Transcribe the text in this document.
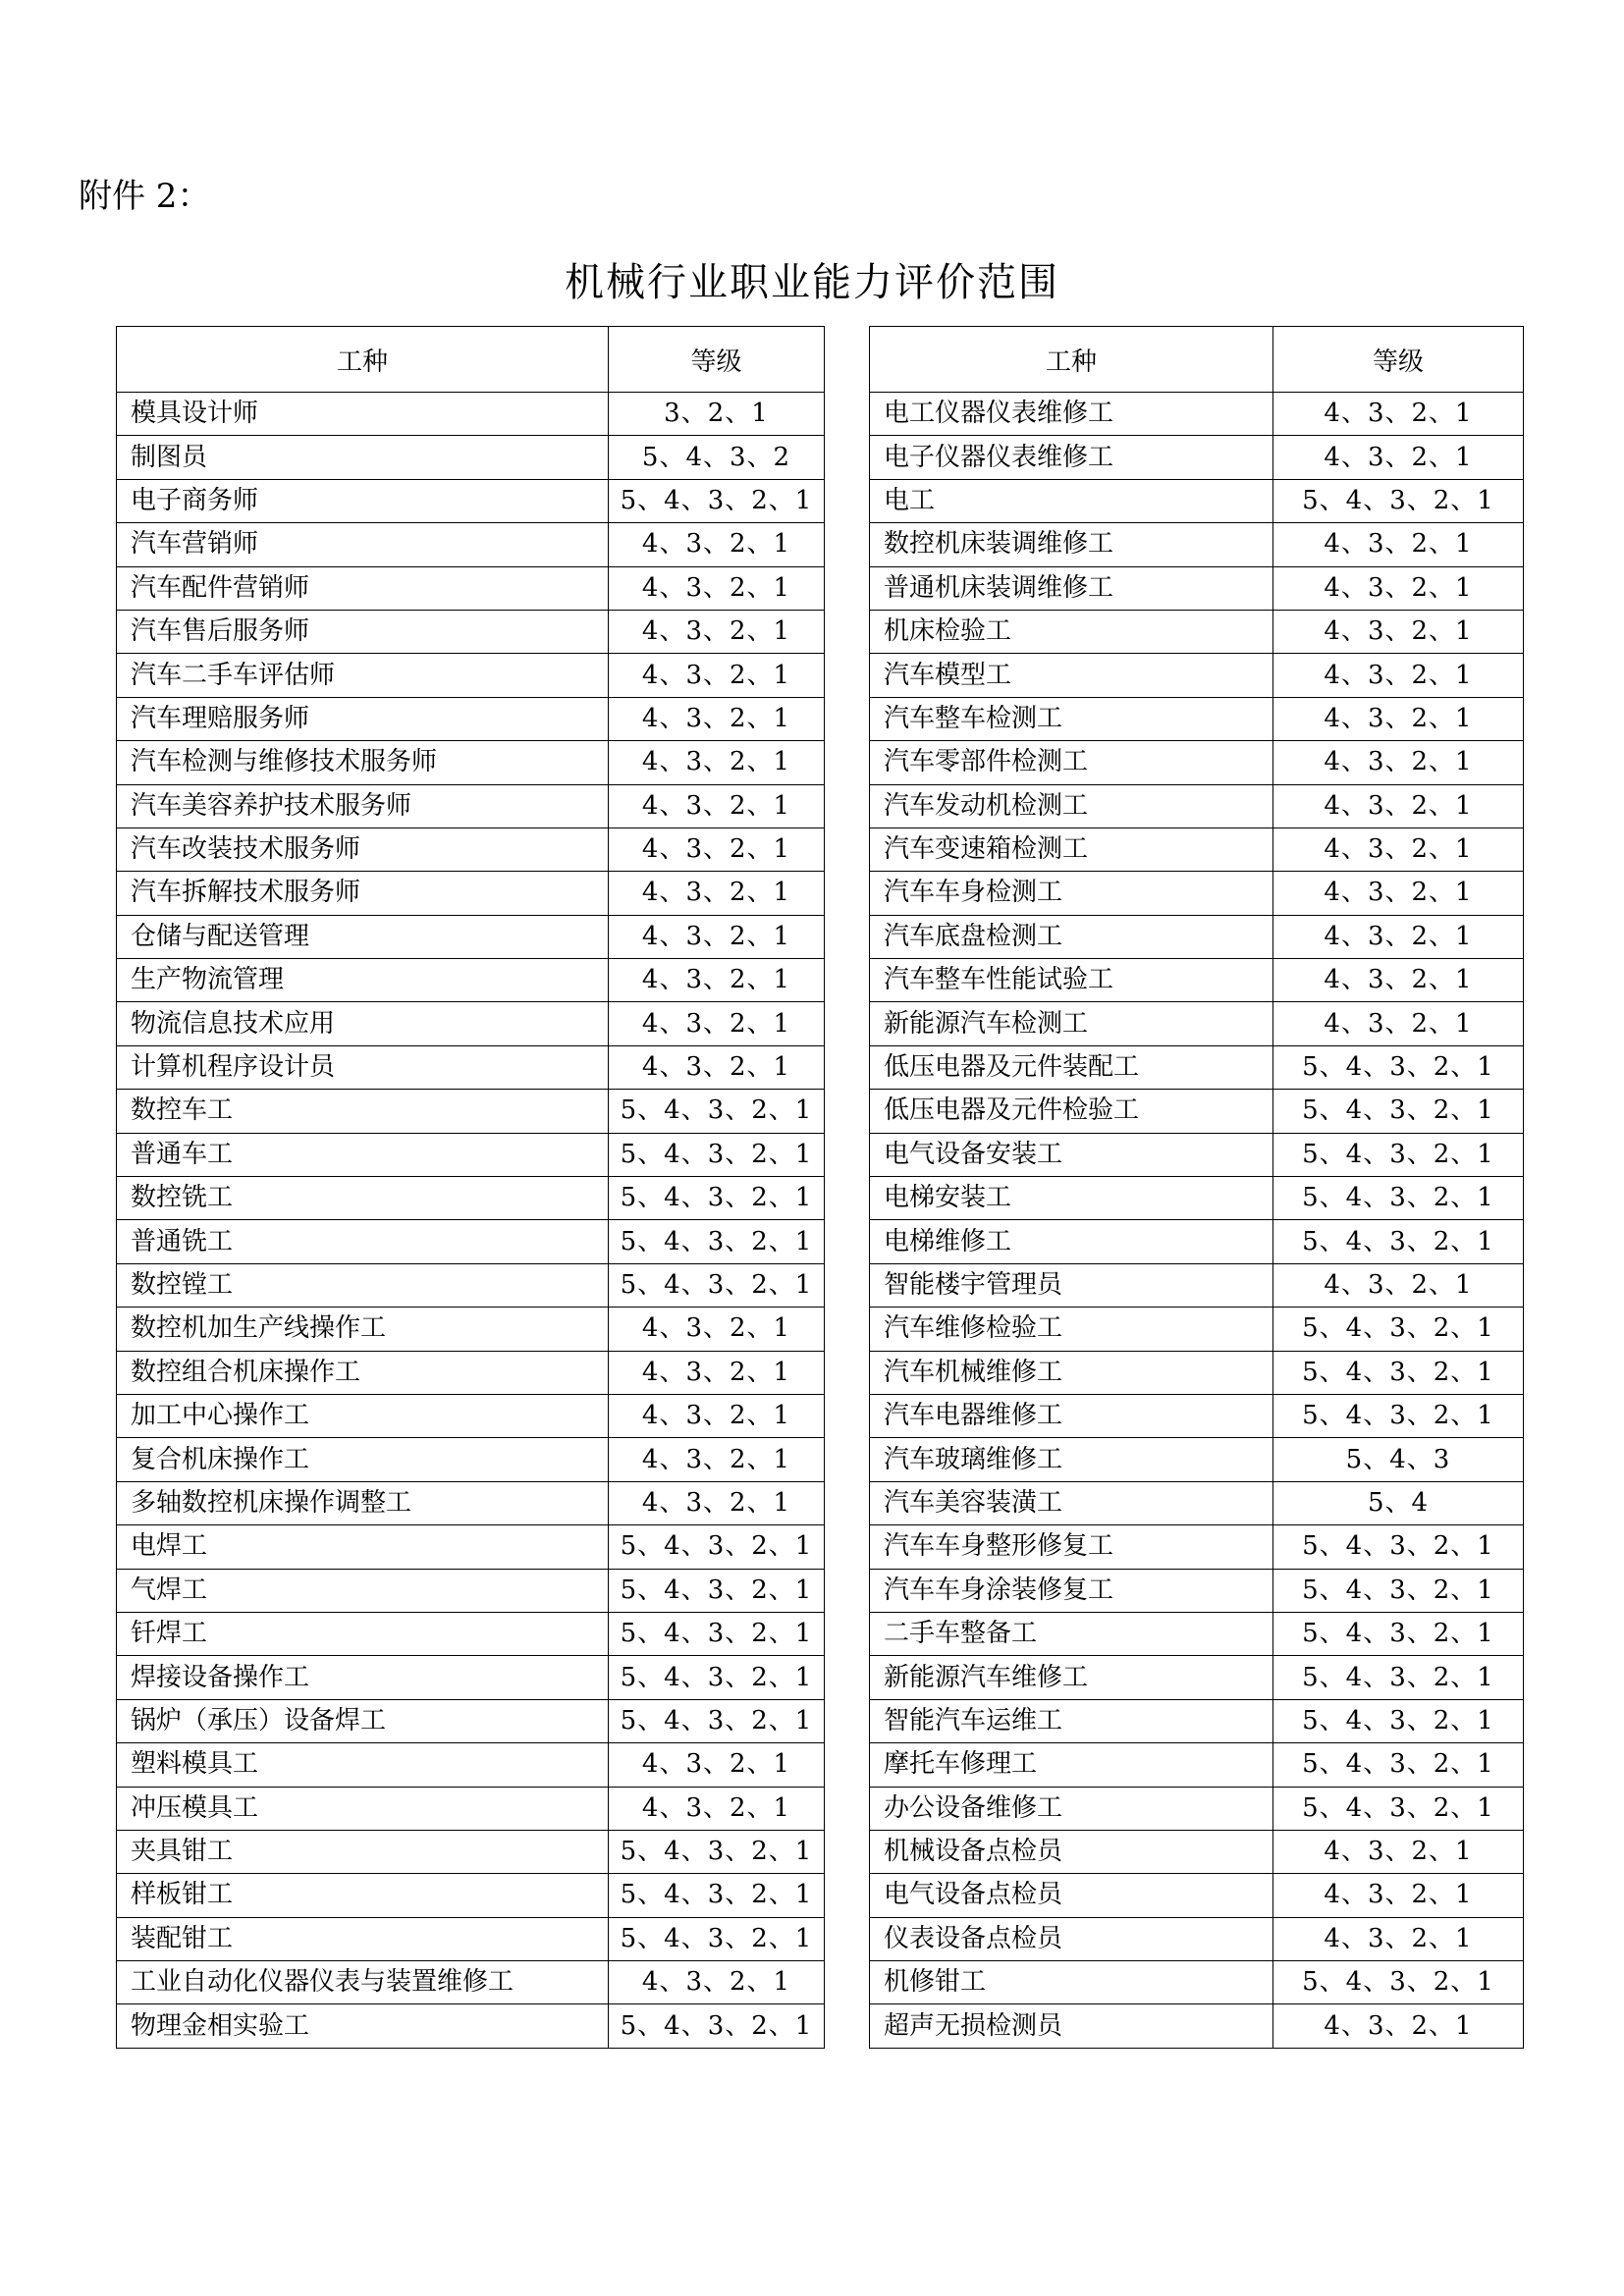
附件 2：
机械行业职业能力评价范围
工种	等级
模具设计师	3、2、1
制图员	5、4、3、2
电子商务师	5、4、3、2、1
汽车营销师	4、3、2、1
汽车配件营销师	4、3、2、1
汽车售后服务师	4、3、2、1
汽车二手车评估师	4、3、2、1
汽车理赔服务师	4、3、2、1
汽车检测与维修技术服务师	4、3、2、1
汽车美容养护技术服务师	4、3、2、1
汽车改装技术服务师	4、3、2、1
汽车拆解技术服务师	4、3、2、1
仓储与配送管理	4、3、2、1
生产物流管理	4、3、2、1
物流信息技术应用	4、3、2、1
计算机程序设计员	4、3、2、1
数控车工	5、4、3、2、1
普通车工	5、4、3、2、1
数控铣工	5、4、3、2、1
普通铣工	5、4、3、2、1
数控镗工	5、4、3、2、1
数控机加生产线操作工	4、3、2、1
数控组合机床操作工	4、3、2、1
加工中心操作工	4、3、2、1
复合机床操作工	4、3、2、1
多轴数控机床操作调整工	4、3、2、1
电焊工	5、4、3、2、1
气焊工	5、4、3、2、1
钎焊工	5、4、3、2、1
焊接设备操作工	5、4、3、2、1
锅炉（承压）设备焊工	5、4、3、2、1
塑料模具工	4、3、2、1
冲压模具工	4、3、2、1
夹具钳工	5、4、3、2、1
样板钳工	5、4、3、2、1
装配钳工	5、4、3、2、1
工业自动化仪器仪表与装置维修工	4、3、2、1
物理金相实验工	5、4、3、2、1
工种	等级
电工仪器仪表维修工	4、3、2、1
电子仪器仪表维修工	4、3、2、1
电工	5、4、3、2、1
数控机床装调维修工	4、3、2、1
普通机床装调维修工	4、3、2、1
机床检验工	4、3、2、1
汽车模型工	4、3、2、1
汽车整车检测工	4、3、2、1
汽车零部件检测工	4、3、2、1
汽车发动机检测工	4、3、2、1
汽车变速箱检测工	4、3、2、1
汽车车身检测工	4、3、2、1
汽车底盘检测工	4、3、2、1
汽车整车性能试验工	4、3、2、1
新能源汽车检测工	4、3、2、1
低压电器及元件装配工	5、4、3、2、1
低压电器及元件检验工	5、4、3、2、1
电气设备安装工	5、4、3、2、1
电梯安装工	5、4、3、2、1
电梯维修工	5、4、3、2、1
智能楼宇管理员	4、3、2、1
汽车维修检验工	5、4、3、2、1
汽车机械维修工	5、4、3、2、1
汽车电器维修工	5、4、3、2、1
汽车玻璃维修工	5、4、3
汽车美容装潢工	5、4
汽车车身整形修复工	5、4、3、2、1
汽车车身涂装修复工	5、4、3、2、1
二手车整备工	5、4、3、2、1
新能源汽车维修工	5、4、3、2、1
智能汽车运维工	5、4、3、2、1
摩托车修理工	5、4、3、2、1
办公设备维修工	5、4、3、2、1
机械设备点检员	4、3、2、1
电气设备点检员	4、3、2、1
仪表设备点检员	4、3、2、1
机修钳工	5、4、3、2、1
超声无损检测员	4、3、2、1
